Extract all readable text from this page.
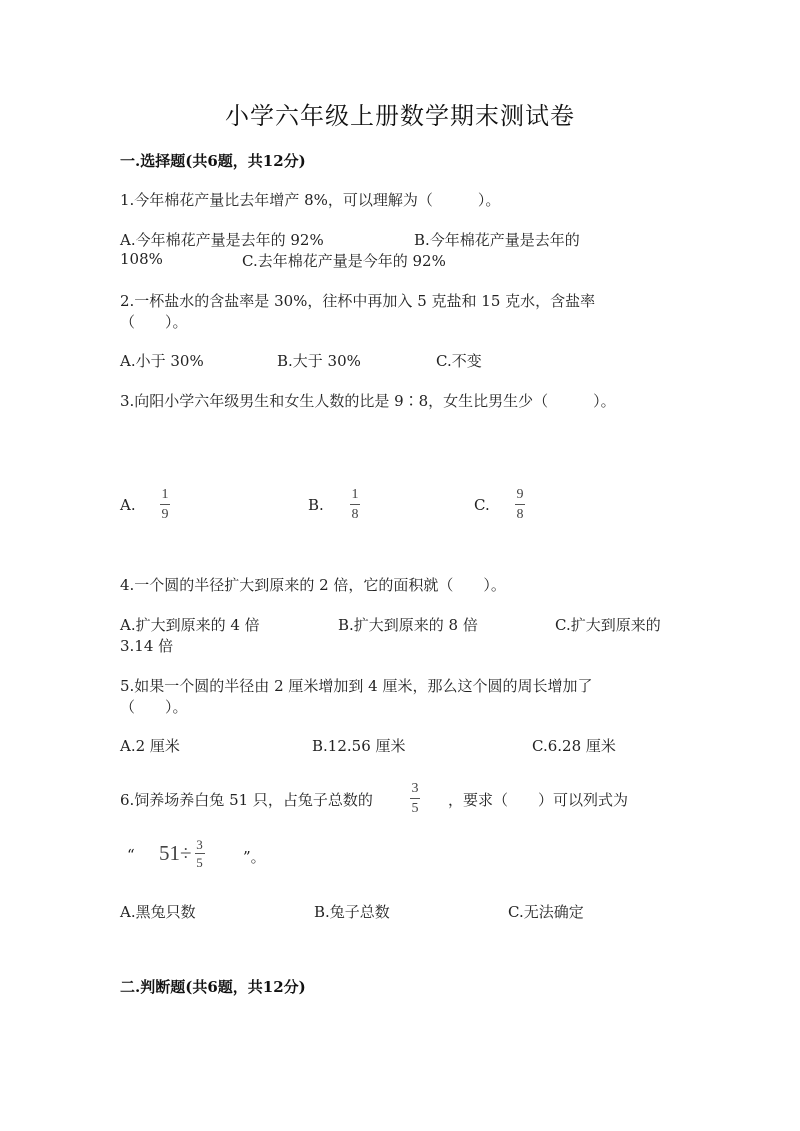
小学六年级上册数学期末测试卷
一.选择题(共6题，共12分)
1.今年棉花产量比去年增产 8%，可以理解为（　　　）。
A.今年棉花产量是去年的 92%	B.今年棉花产量是去年的
108%	C.去年棉花产量是今年的 92%
2.一杯盐水的含盐率是 30%，往杯中再加入 5 克盐和 15 克水，含盐率
（　　）。
A.小于 30%	B.大于 30%	C.不变
3.向阳小学六年级男生和女生人数的比是 9∶8，女生比男生少（　　　）。
A.
1
9
B.
1
8
C.
9
8
4.一个圆的半径扩大到原来的 2 倍，它的面积就（　　）。
A.扩大到原来的 4 倍	B.扩大到原来的 8 倍	C.扩大到原来的
3.14 倍
5.如果一个圆的半径由 2 厘米增加到 4 厘米，那么这个圆的周长增加了
（　　）。
A.2 厘米	B.12.56 厘米	C.6.28 厘米
6.饲养场养白兔 51 只，占兔子总数的
3
5 ，要求（　　）可以列式为
“ $51\div \frac{3}{5}$	”。
A.黑兔只数	B.兔子总数	C.无法确定
二.判断题(共6题，共12分)
